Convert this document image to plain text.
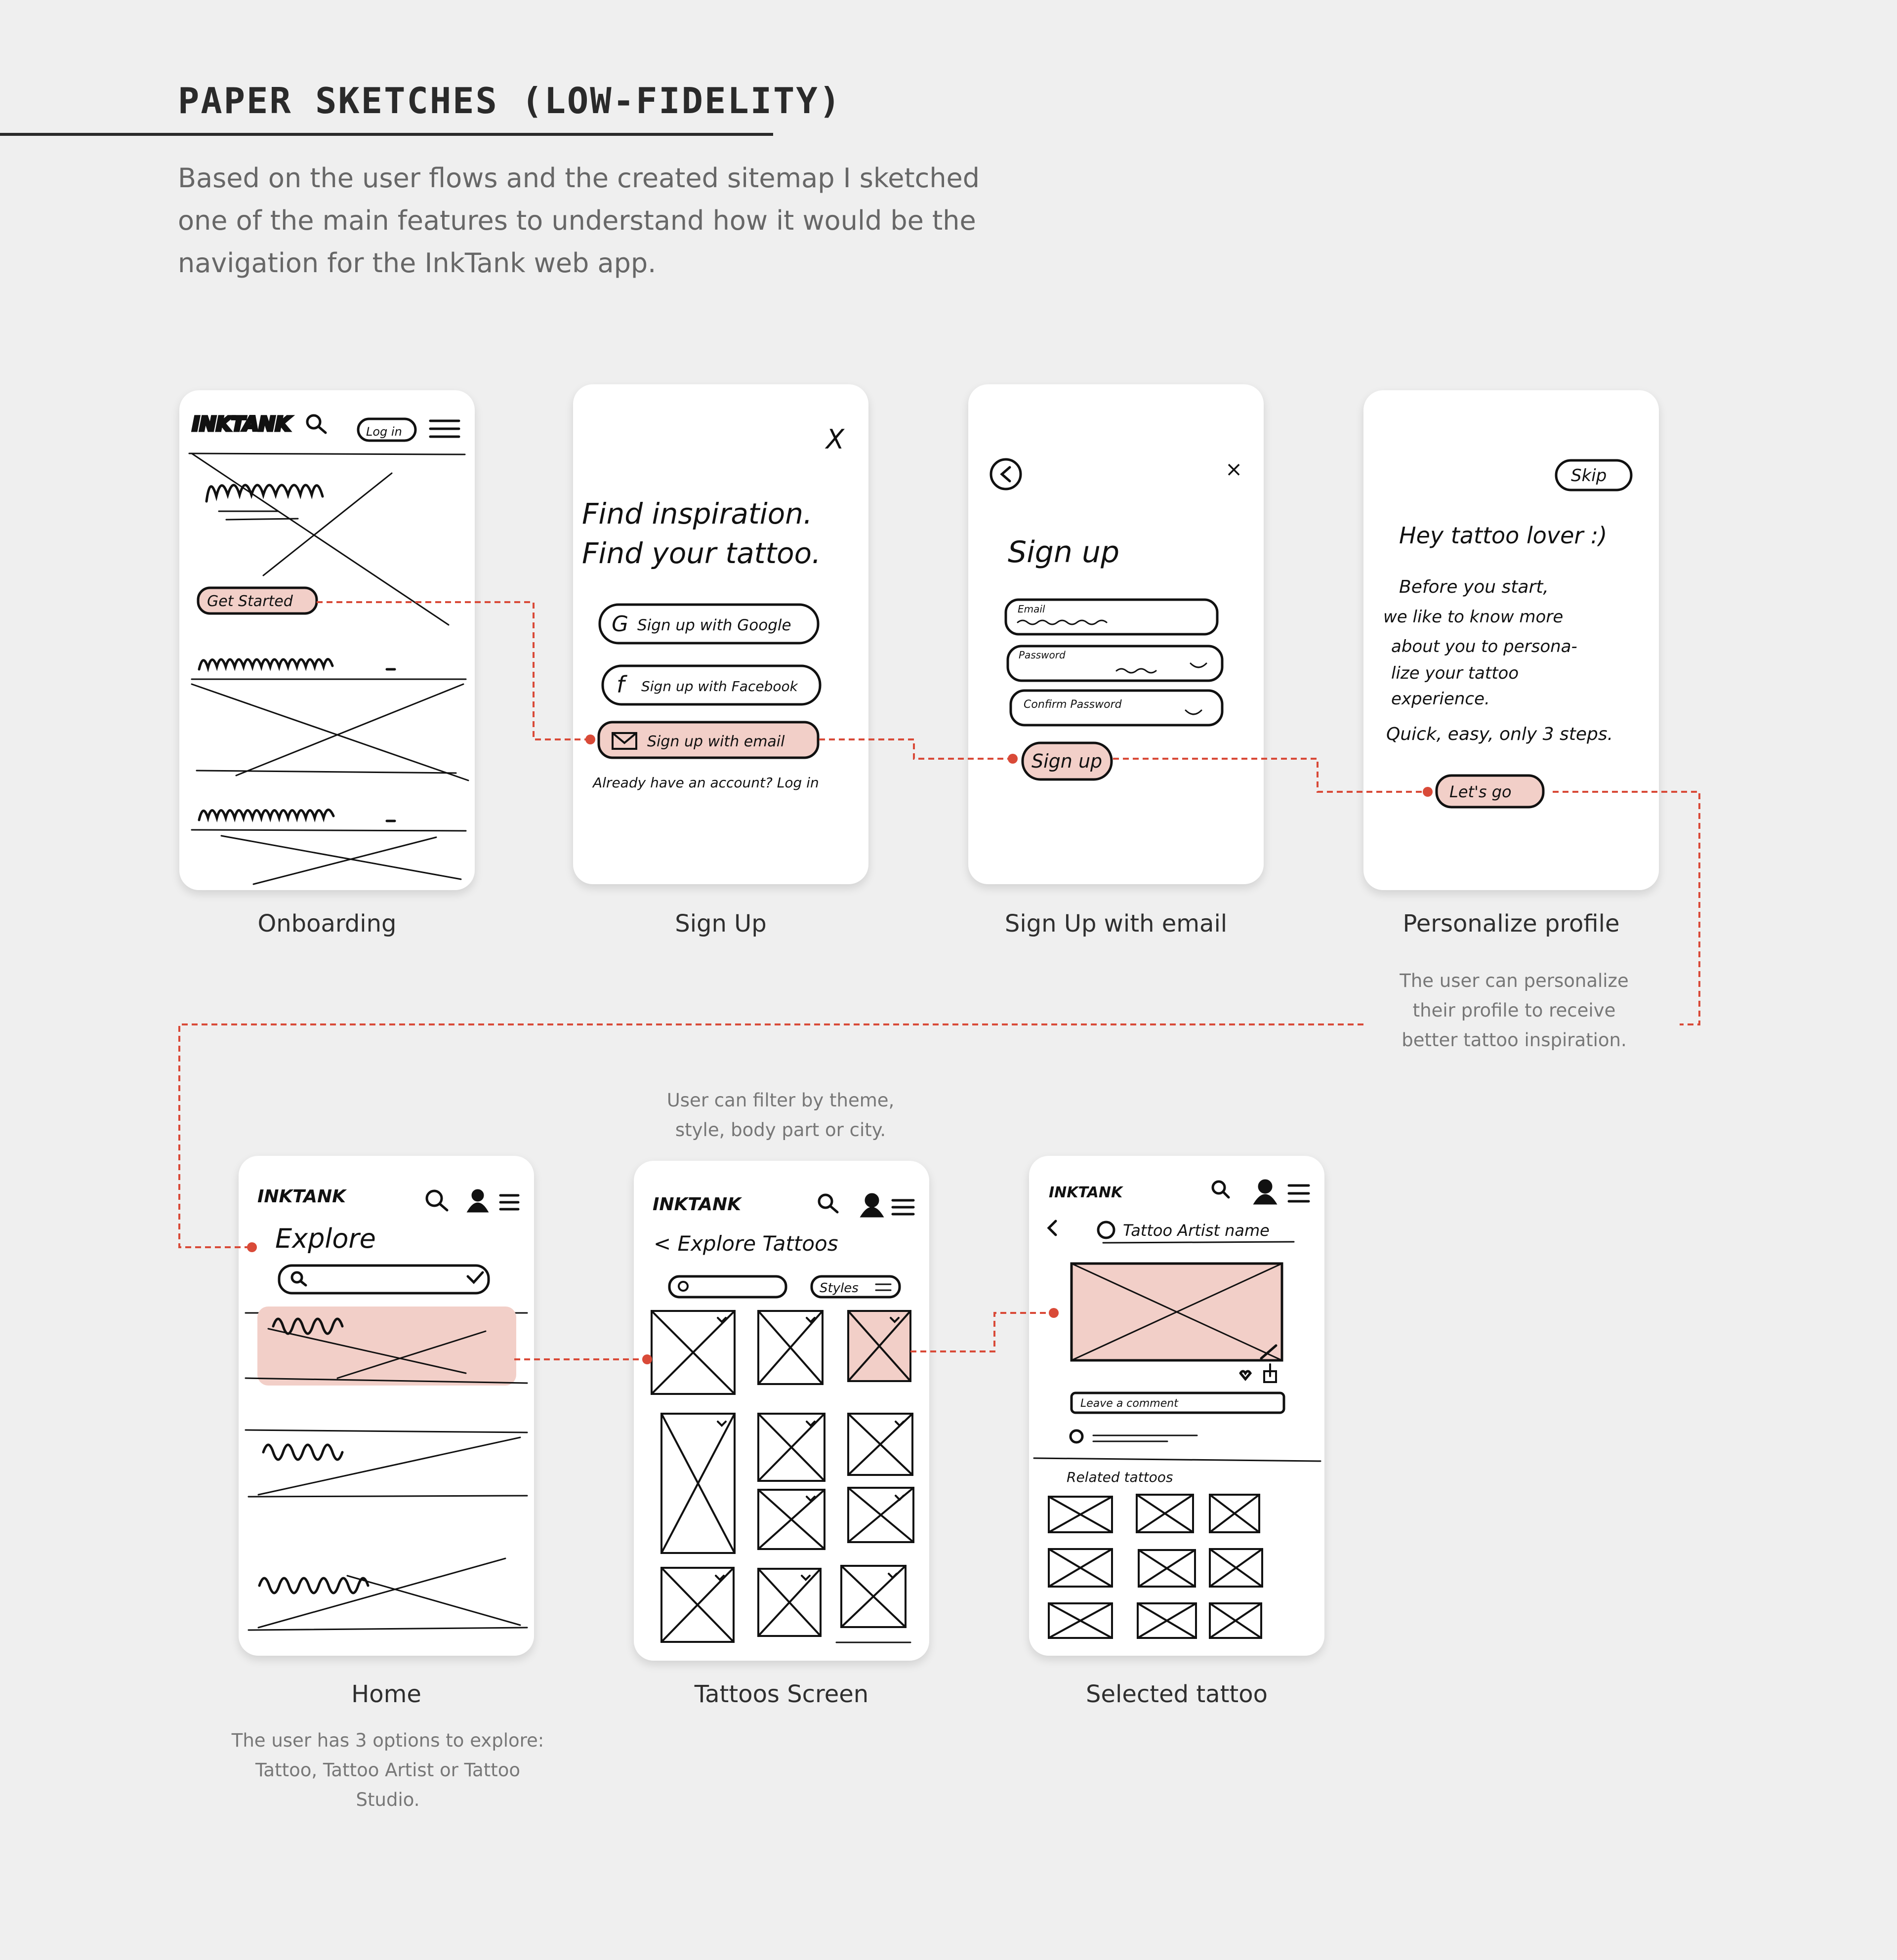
PAPER SKETCHES (LOW-FIDELITY)

Based on the user flows and the created sitemap I sketched one of the main features to understand how it would be the navigation for the InkTank web app.

INKTANK	Log in
Get Started
Onboarding
X
Find inspiration.
Find your tattoo.
G Sign up with Google
f Sign up with Facebook
Sign up with email
Already have an account? Log in
Sign Up
×
Sign up
Email
Password
Confirm Password
Sign up
Sign Up with email
Skip
Hey tattoo lover :)
Before you start,
we like to know more
about you to persona-
lize your tattoo
experience.
Quick, easy, only 3 steps.
Let's go
Personalize profile
The user can personalize their profile to receive better tattoo inspiration.
INKTANK
Explore
Home
The user has 3 options to explore: Tattoo, Tattoo Artist or Tattoo Studio.
User can filter by theme, style, body part or city.
INKTANK
< Explore Tattoos
Styles
Tattoos Screen
INKTANK
Tattoo Artist name
Leave a comment
Related tattoos
Selected tattoo
